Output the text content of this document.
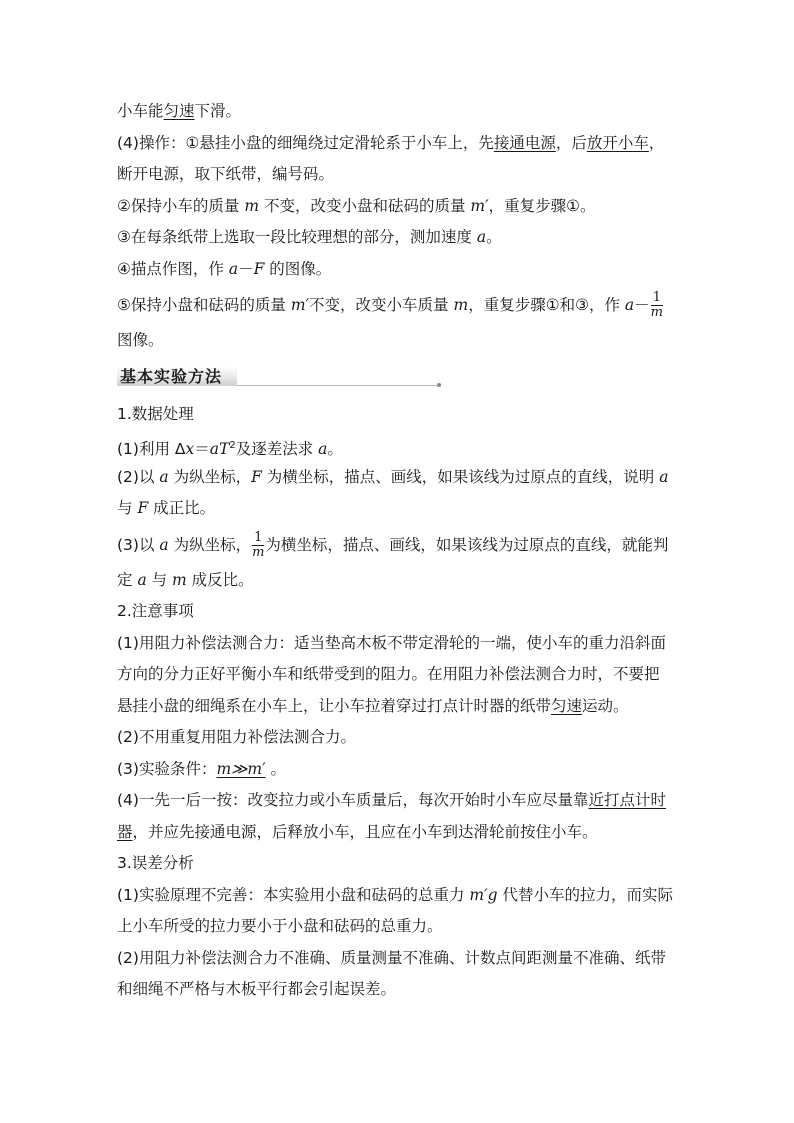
小车能匀速下滑。
(4)操作：①悬挂小盘的细绳绕过定滑轮系于小车上，先接通电源，后放开小车，
断开电源，取下纸带，编号码。
②保持小车的质量 m 不变，改变小盘和砝码的质量 m′，重复步骤①。
③在每条纸带上选取一段比较理想的部分，测加速度 a。
④描点作图，作 a－F 的图像。
⑤保持小盘和砝码的质量 m′不变，改变小车质量 m，重复步骤①和③，作 $a- \frac{1}{m}$
图像。
基本实验方法
1.数据处理
(1)利用 $\Delta x=aT^2$及逐差法求 a。
(2)以 a 为纵坐标，F 为横坐标，描点、画线，如果该线为过原点的直线，说明 a
与 F 成正比。
(3)以 a 为纵坐标， $\frac{1}{m}$ 为横坐标，描点、画线，如果该线为过原点的直线，就能判
定 a 与 m 成反比。
2.注意事项
(1)用阻力补偿法测合力：适当垫高木板不带定滑轮的一端，使小车的重力沿斜面
方向的分力正好平衡小车和纸带受到的阻力。在用阻力补偿法测合力时，不要把
悬挂小盘的细绳系在小车上，让小车拉着穿过打点计时器的纸带匀速运动。
(2)不用重复用阻力补偿法测合力。
(3)实验条件：m≫m′ 。
(4)一先一后一按：改变拉力或小车质量后，每次开始时小车应尽量靠近打点计时
器，并应先接通电源，后释放小车，且应在小车到达滑轮前按住小车。
3.误差分析
(1)实验原理不完善：本实验用小盘和砝码的总重力 m′g 代替小车的拉力，而实际
上小车所受的拉力要小于小盘和砝码的总重力。
(2)用阻力补偿法测合力不准确、质量测量不准确、计数点间距测量不准确、纸带
和细绳不严格与木板平行都会引起误差。
